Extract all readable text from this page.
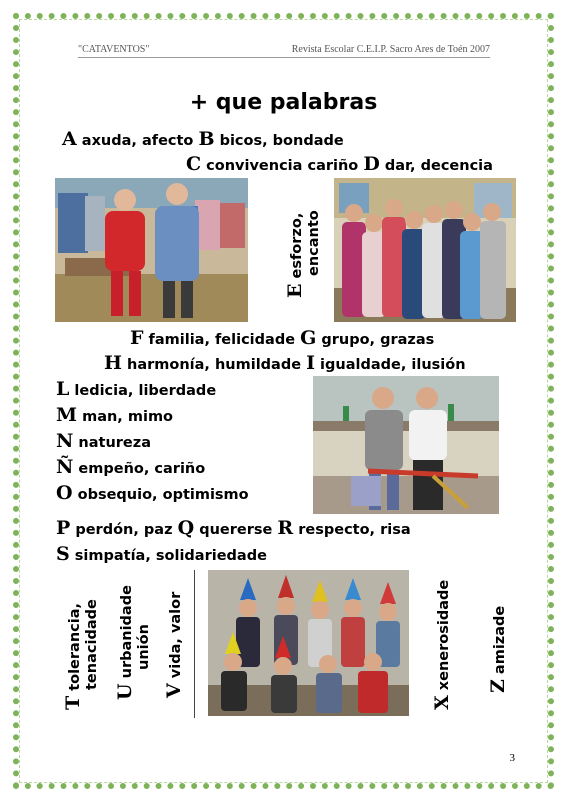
"CATAVENTOS"	Revista Escolar C.E.I.P. Sacro Ares de Toén 2007
+ que palabras
A axuda, afecto B bicos, bondade
C convivencia cariño D dar, decencia
E esforzo, encanto
F familia, felicidade G grupo, grazas
H harmonía, humildade I igualdade, ilusión
L ledicia, liberdade
M man, mimo
N natureza
Ñ empeño, cariño
O obsequio, optimismo
P perdón, paz Q quererse R respecto, risa
S simpatía, solidariedade
T tolerancia, tenacidade
U urbanidade unión
V vida, valor
X xenerosidade Z amizade
3
